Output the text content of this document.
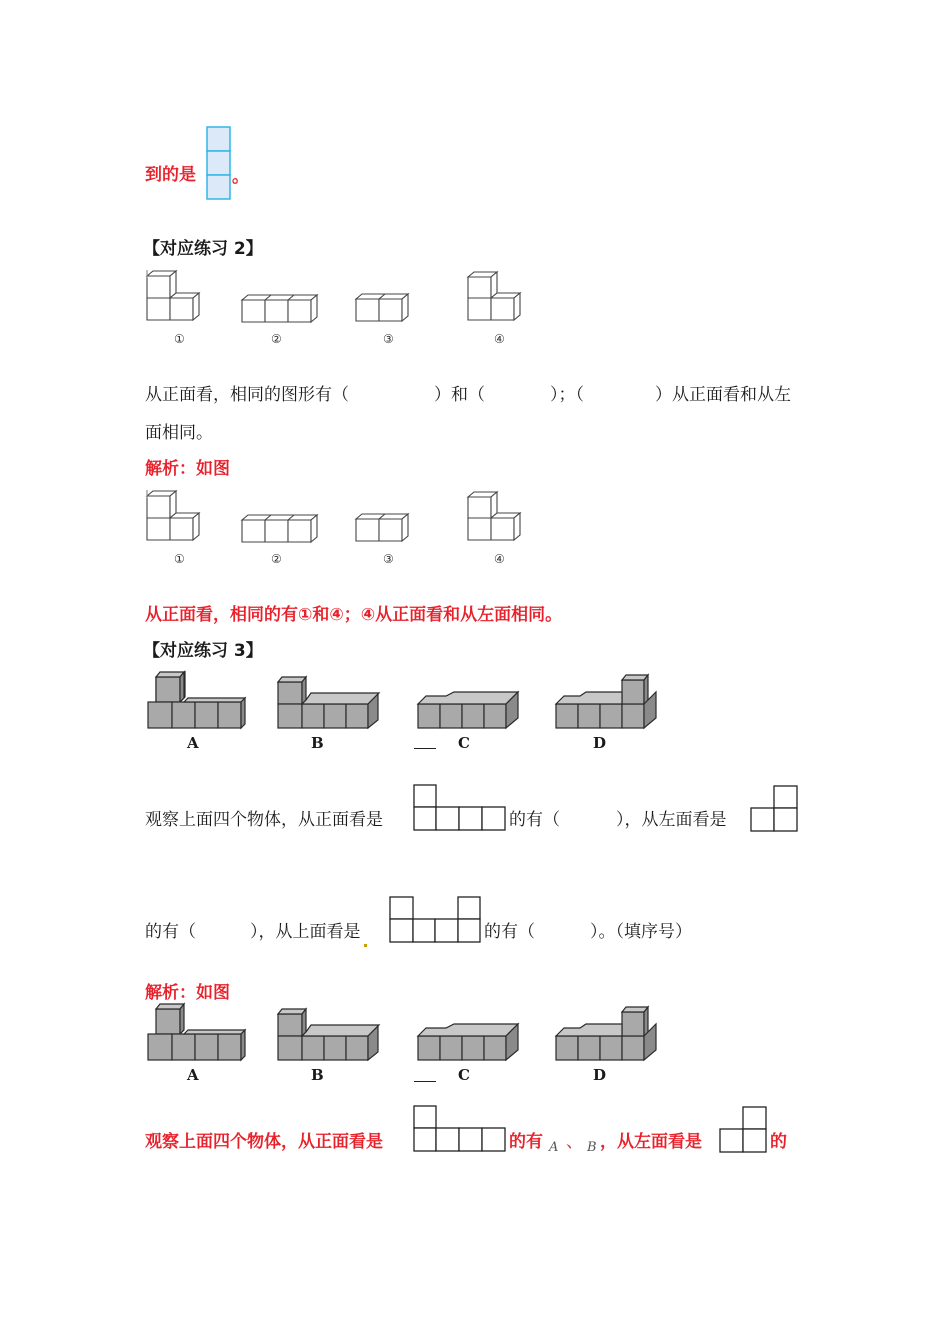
到的是 。
【对应练习 2】
①	②	③	④
从正面看，相同的图形有（	）和（	）；（	）从正面看和从左
面相同。
解析：如图
①	②	③	④
从正面看，相同的有①和④；④从正面看和从左面相同。
【对应练习 3】
A	B	C	D
观察上面四个物体，从正面看是	的有（	），从左面看是
的有（	），从上面看是	的有（	）。（填序号）
解析：如图
A	B	C	D
观察上面四个物体，从正面看是	的有 A 、 B ，从左面看是	的
